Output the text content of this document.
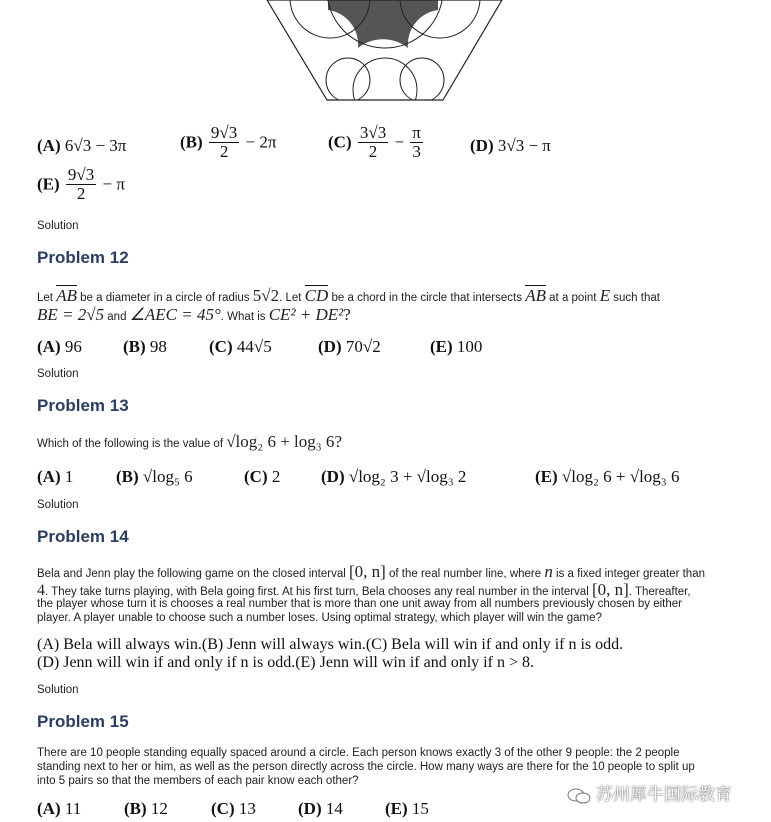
(A) 6√3 − 3π	$(B) \frac{9√3}{2} - 2\pi$	$(C) \frac{3√3}{2} - \frac{\pi}{3}$	(D) 3√3 − π
$(E) \frac{9√3}{2} - \pi$
Solution
Problem 12
Let AB be a diameter in a circle of radius 5√2. Let CD be a chord in the circle that intersects AB at a point E such that
BE = 2√5 and ∠AEC = 45°. What is CE² + DE²?
(A) 96 (B) 98 (C) 44√5	(D) 70√2	(E) 100
Solution
Problem 13
Which of the following is the value of √log₂ 6 + log₃ 6?
(A) 1	(B) √log₅ 6	(C) 2 (D) √log₂ 3 + √log₃ 2	(E) √log₂ 6 + √log₃ 6
Solution
Problem 14
Bela and Jenn play the following game on the closed interval [0, n] of the real number line, where n is a fixed integer greater than
4. They take turns playing, with Bela going first. At his first turn, Bela chooses any real number in the interval [0, n]. Thereafter,
the player whose turn it is chooses a real number that is more than one unit away from all numbers previously chosen by either
player. A player unable to choose such a number loses. Using optimal strategy, which player will win the game?
(A) Bela will always win.(B) Jenn will always win.(C) Bela will win if and only if n is odd.
(D) Jenn will win if and only if n is odd.(E) Jenn will win if and only if n > 8.
Solution
Problem 15
There are 10 people standing equally spaced around a circle. Each person knows exactly 3 of the other 9 people: the 2 people
standing next to her or him, as well as the person directly across the circle. How many ways are there for the 10 people to split up
into 5 pairs so that the members of each pair know each other?
(A) 11	(B) 12	(C) 13 (D) 14 (E) 15
苏州犀牛国际教育
